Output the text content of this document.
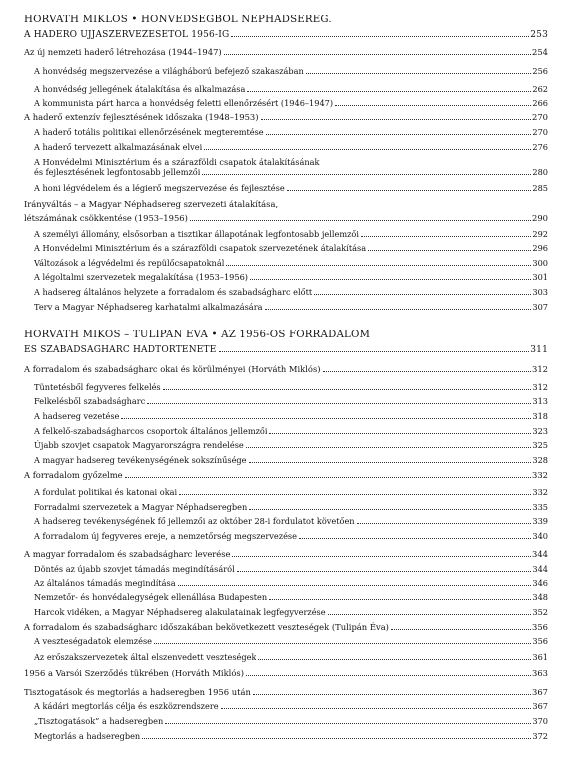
HORVÁTH MIKLÓS • HONVÉDSÉGBŐL NÉPHADSEREG.
A HADERŐ ÚJJÁSZERVEZÉSÉTŐL 1956-IG	253
Az új nemzeti haderő létrehozása (1944–1947)	254
A honvédség megszervezése a világháború befejező szakaszában	256
A honvédség jellegének átalakítása és alkalmazása	262
A kommunista párt harca a honvédség feletti ellenőrzésért (1946–1947)	266
A haderő extenzív fejlesztésének időszaka (1948–1953)	270
A haderő totális politikai ellenőrzésének megteremtése	270
A haderő tervezett alkalmazásának elvei	276
A Honvédelmi Minisztérium és a szárazföldi csapatok átalakításának
és fejlesztésének legfontosabb jellemzői	280
A honi légvédelem és a légierő megszervezése és fejlesztése	285
Irányváltás – a Magyar Néphadsereg szervezeti átalakítása,
létszámának csökkentése (1953–1956)	290
A személyi állomány, elsősorban a tisztikar állapotának legfontosabb jellemzői	292
A Honvédelmi Minisztérium és a szárazföldi csapatok szervezetének átalakítása	296
Változások a légvédelmi és repülőcsapatoknál	300
A légoltalmi szervezetek megalakítása (1953–1956)	301
A hadsereg általános helyzete a forradalom és szabadságharc előtt	303
Terv a Magyar Néphadsereg karhatalmi alkalmazására	307
HORVÁTH MIKÓS – TULIPÁN ÉVA • AZ 1956-OS FORRADALOM
ÉS SZABADSÁGHARC HADTÖRTÉNETE	311
A forradalom és szabadságharc okai és körülményei (Horváth Miklós)	312
Tüntetésből fegyveres felkelés	312
Felkelésből szabadságharc	313
A hadsereg vezetése	318
A felkelő-szabadságharcos csoportok általános jellemzői	323
Újabb szovjet csapatok Magyarországra rendelése	325
A magyar hadsereg tevékenységének sokszínűsége	328
A forradalom győzelme	332
A fordulat politikai és katonai okai	332
Forradalmi szervezetek a Magyar Néphadseregben	335
A hadsereg tevékenységének fő jellemzői az október 28-i fordulatot követően	339
A forradalom új fegyveres ereje, a nemzetőrség megszervezése	340
A magyar forradalom és szabadságharc leverése	344
Döntés az újabb szovjet támadás megindításáról	344
Az általános támadás megindítása	346
Nemzetőr- és honvédalegységek ellenállása Budapesten	348
Harcok vidéken, a Magyar Néphadsereg alakulatainak legfegyverzése	352
A forradalom és szabadságharc időszakában bekövetkezett veszteségek (Tulipán Éva)	356
A veszteségadatok elemzése	356
Az erőszakszervezetek által elszenvedett veszteségek	361
1956 a Varsói Szerződés tükrében (Horváth Miklós)	363
Tisztogatások és megtorlás a hadseregben 1956 után	367
A kádári megtorlás célja és eszközrendszere	367
„Tisztogatások” a hadseregben	370
Megtorlás a hadseregben	372
